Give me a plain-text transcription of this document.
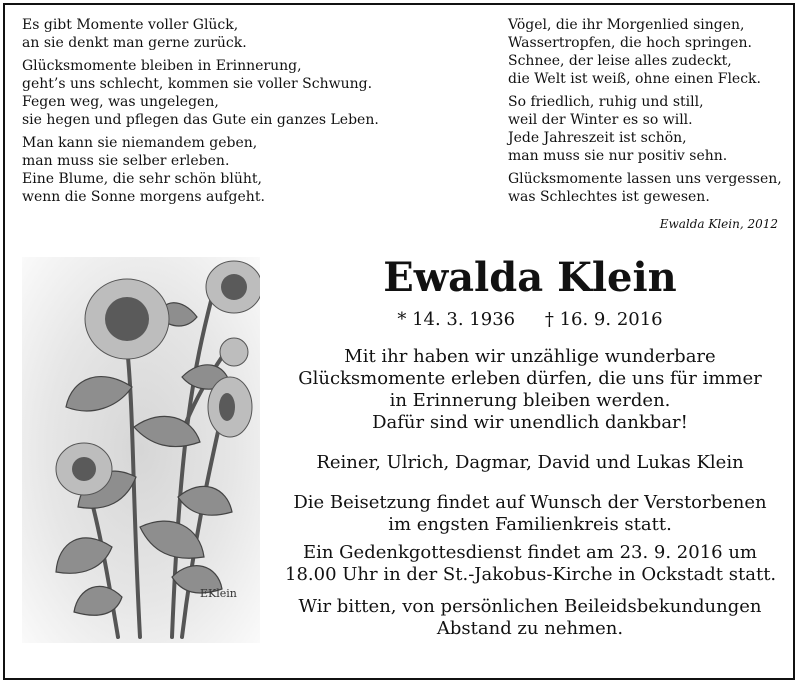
Es gibt Momente voller Glück,
an sie denkt man gerne zurück.
Glücksmomente bleiben in Erinnerung,
geht’s uns schlecht, kommen sie voller Schwung.
Fegen weg, was ungelegen,
sie hegen und pflegen das Gute ein ganzes Leben.
Man kann sie niemandem geben,
man muss sie selber erleben.
Eine Blume, die sehr schön blüht,
wenn die Sonne morgens aufgeht.
Vögel, die ihr Morgenlied singen,
Wassertropfen, die hoch springen.
Schnee, der leise alles zudeckt,
die Welt ist weiß, ohne einen Fleck.
So friedlich, ruhig und still,
weil der Winter es so will.
Jede Jahreszeit ist schön,
man muss sie nur positiv sehn.
Glücksmomente lassen uns vergessen,
was Schlechtes ist gewesen.
Ewalda Klein, 2012
EKlein
Ewalda Klein
* 14. 3. 1936 † 16. 9. 2016
Mit ihr haben wir unzählige wunderbare
Glücksmomente erleben dürfen, die uns für immer
in Erinnerung bleiben werden.
Dafür sind wir unendlich dankbar!
Reiner, Ulrich, Dagmar, David und Lukas Klein
Die Beisetzung findet auf Wunsch der Verstorbenen
im engsten Familienkreis statt.
Ein Gedenkgottesdienst findet am 23. 9. 2016 um
18.00 Uhr in der St.-Jakobus-Kirche in Ockstadt statt.
Wir bitten, von persönlichen Beileidsbekundungen
Abstand zu nehmen.
